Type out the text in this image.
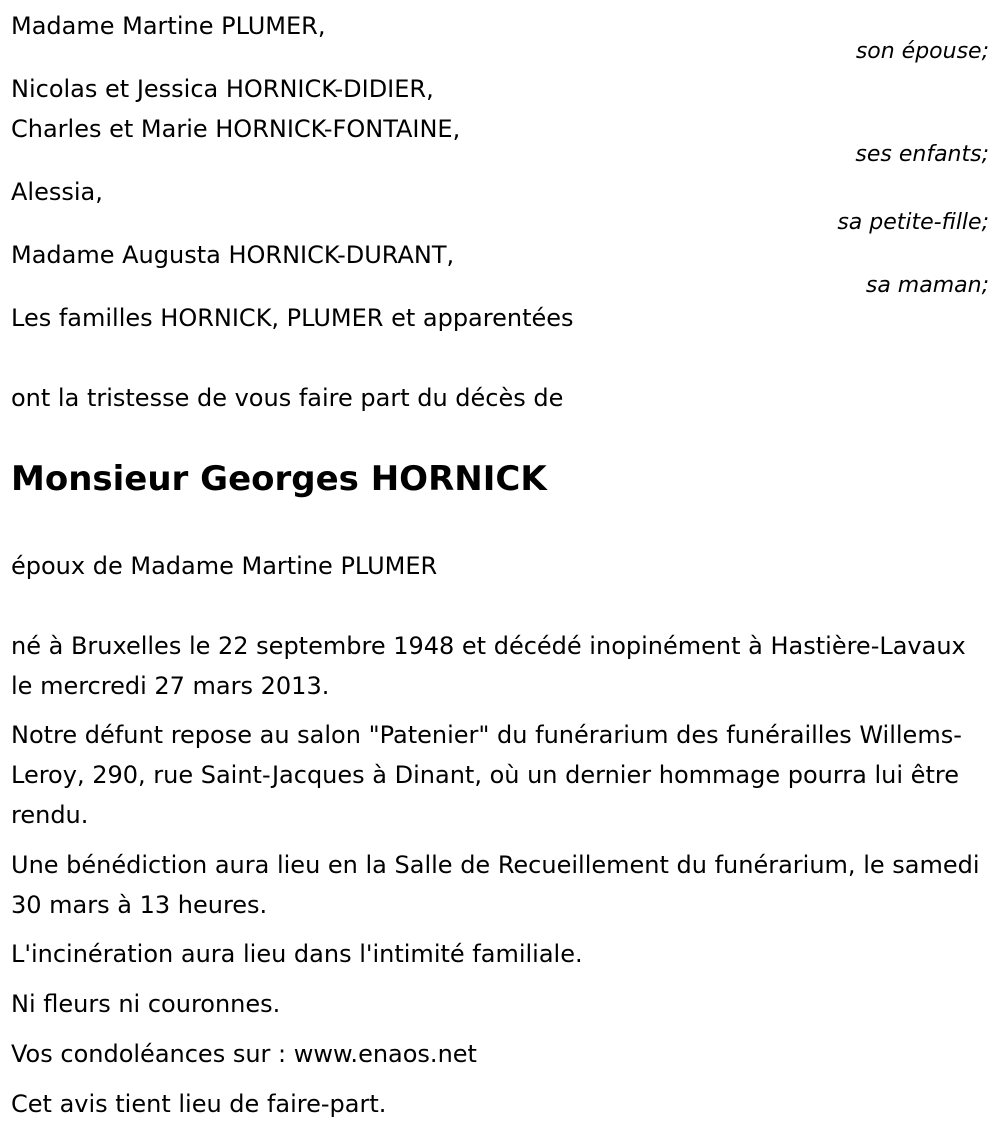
Madame Martine PLUMER,

son épouse;

Nicolas et Jessica HORNICK-DIDIER,

Charles et Marie HORNICK-FONTAINE,

ses enfants;

Alessia,

sa petite-fille;

Madame Augusta HORNICK-DURANT,

sa maman;

Les familles HORNICK, PLUMER et apparentées

ont la tristesse de vous faire part du décès de

Monsieur Georges HORNICK

époux de Madame Martine PLUMER

né à Bruxelles le 22 septembre 1948 et décédé inopinément à Hastière-Lavaux le mercredi 27 mars 2013.

Notre défunt repose au salon "Patenier" du funérarium des funérailles Willems-Leroy, 290, rue Saint-Jacques à Dinant, où un dernier hommage pourra lui être rendu.

Une bénédiction aura lieu en la Salle de Recueillement du funérarium, le samedi 30 mars à 13 heures.

L'incinération aura lieu dans l'intimité familiale.

Ni fleurs ni couronnes.

Vos condoléances sur : www.enaos.net

Cet avis tient lieu de faire-part.
